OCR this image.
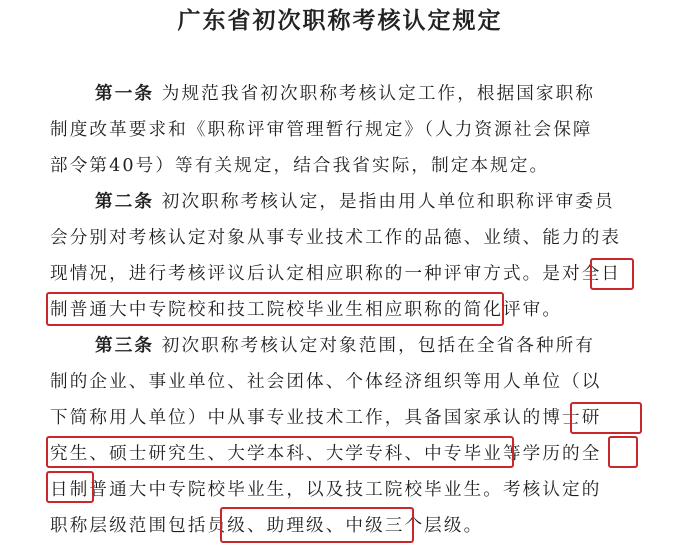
广东省初次职称考核认定规定
第一条 为规范我省初次职称考核认定工作，根据国家职称
制度改革要求和《职称评审管理暂行规定》（人力资源社会保障
部令第40号）等有关规定，结合我省实际，制定本规定。
第二条 初次职称考核认定，是指由用人单位和职称评审委员
会分别对考核认定对象从事专业技术工作的品德、业绩、能力的表
现情况，进行考核评议后认定相应职称的一种评审方式。是对全日
制普通大中专院校和技工院校毕业生相应职称的简化评审。
第三条 初次职称考核认定对象范围，包括在全省各种所有
制的企业、事业单位、社会团体、个体经济组织等用人单位（以
下简称用人单位）中从事专业技术工作，具备国家承认的博士研
究生、硕士研究生、大学本科、大学专科、中专毕业等学历的全
日制普通大中专院校毕业生，以及技工院校毕业生。考核认定的
职称层级范围包括员级、助理级、中级三个层级。
